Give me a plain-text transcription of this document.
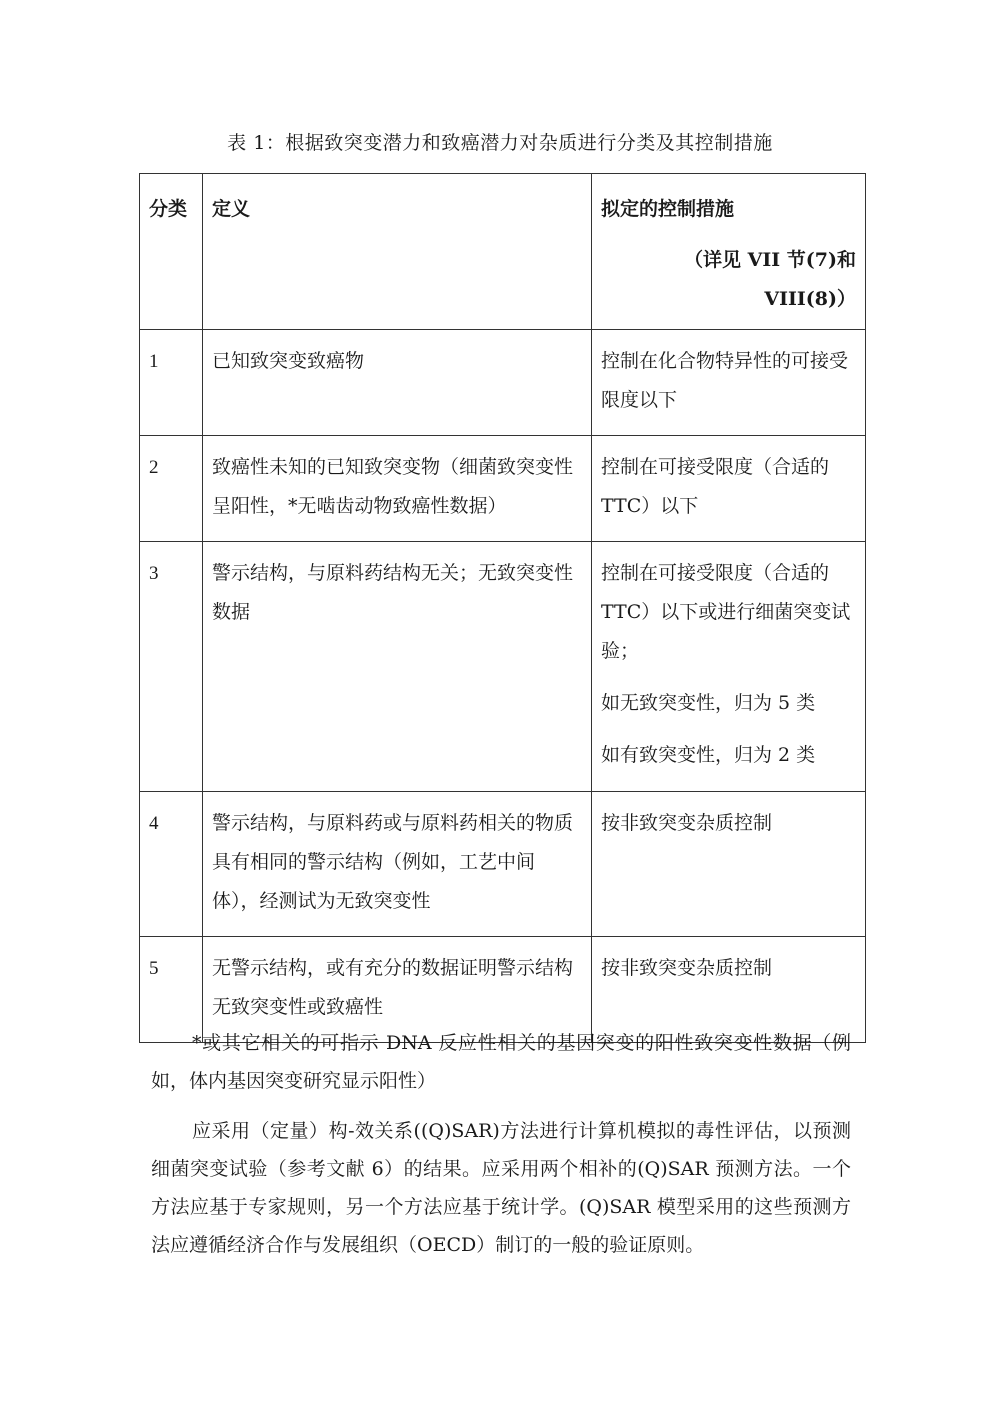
表 1：根据致突变潜力和致癌潜力对杂质进行分类及其控制措施
分类	定义	拟定的控制措施
（详见 VII 节(7)和 VIII(8)）

1	已知致突变致癌物	控制在化合物特异性的可接受限度以下

2	致癌性未知的已知致突变物（细菌致突变性呈阳性，*无啮齿动物致癌性数据）	控制在可接受限度（合适的 TTC）以下

3	警示结构，与原料药结构无关；无致突变性数据	控制在可接受限度（合适的 TTC）以下或进行细菌突变试验；
如无致突变性，归为 5 类
如有致突变性，归为 2 类

4	警示结构，与原料药或与原料药相关的物质具有相同的警示结构（例如，工艺中间体），经测试为无致突变性	按非致突变杂质控制

5	无警示结构，或有充分的数据证明警示结构无致突变性或致癌性	按非致突变杂质控制
*或其它相关的可指示 DNA 反应性相关的基因突变的阳性致突变性数据（例如，体内基因突变研究显示阳性）
应采用（定量）构-效关系((Q)SAR)方法进行计算机模拟的毒性评估，以预测细菌突变试验（参考文献 6）的结果。应采用两个相补的(Q)SAR 预测方法。一个方法应基于专家规则，另一个方法应基于统计学。(Q)SAR 模型采用的这些预测方法应遵循经济合作与发展组织（OECD）制订的一般的验证原则。
